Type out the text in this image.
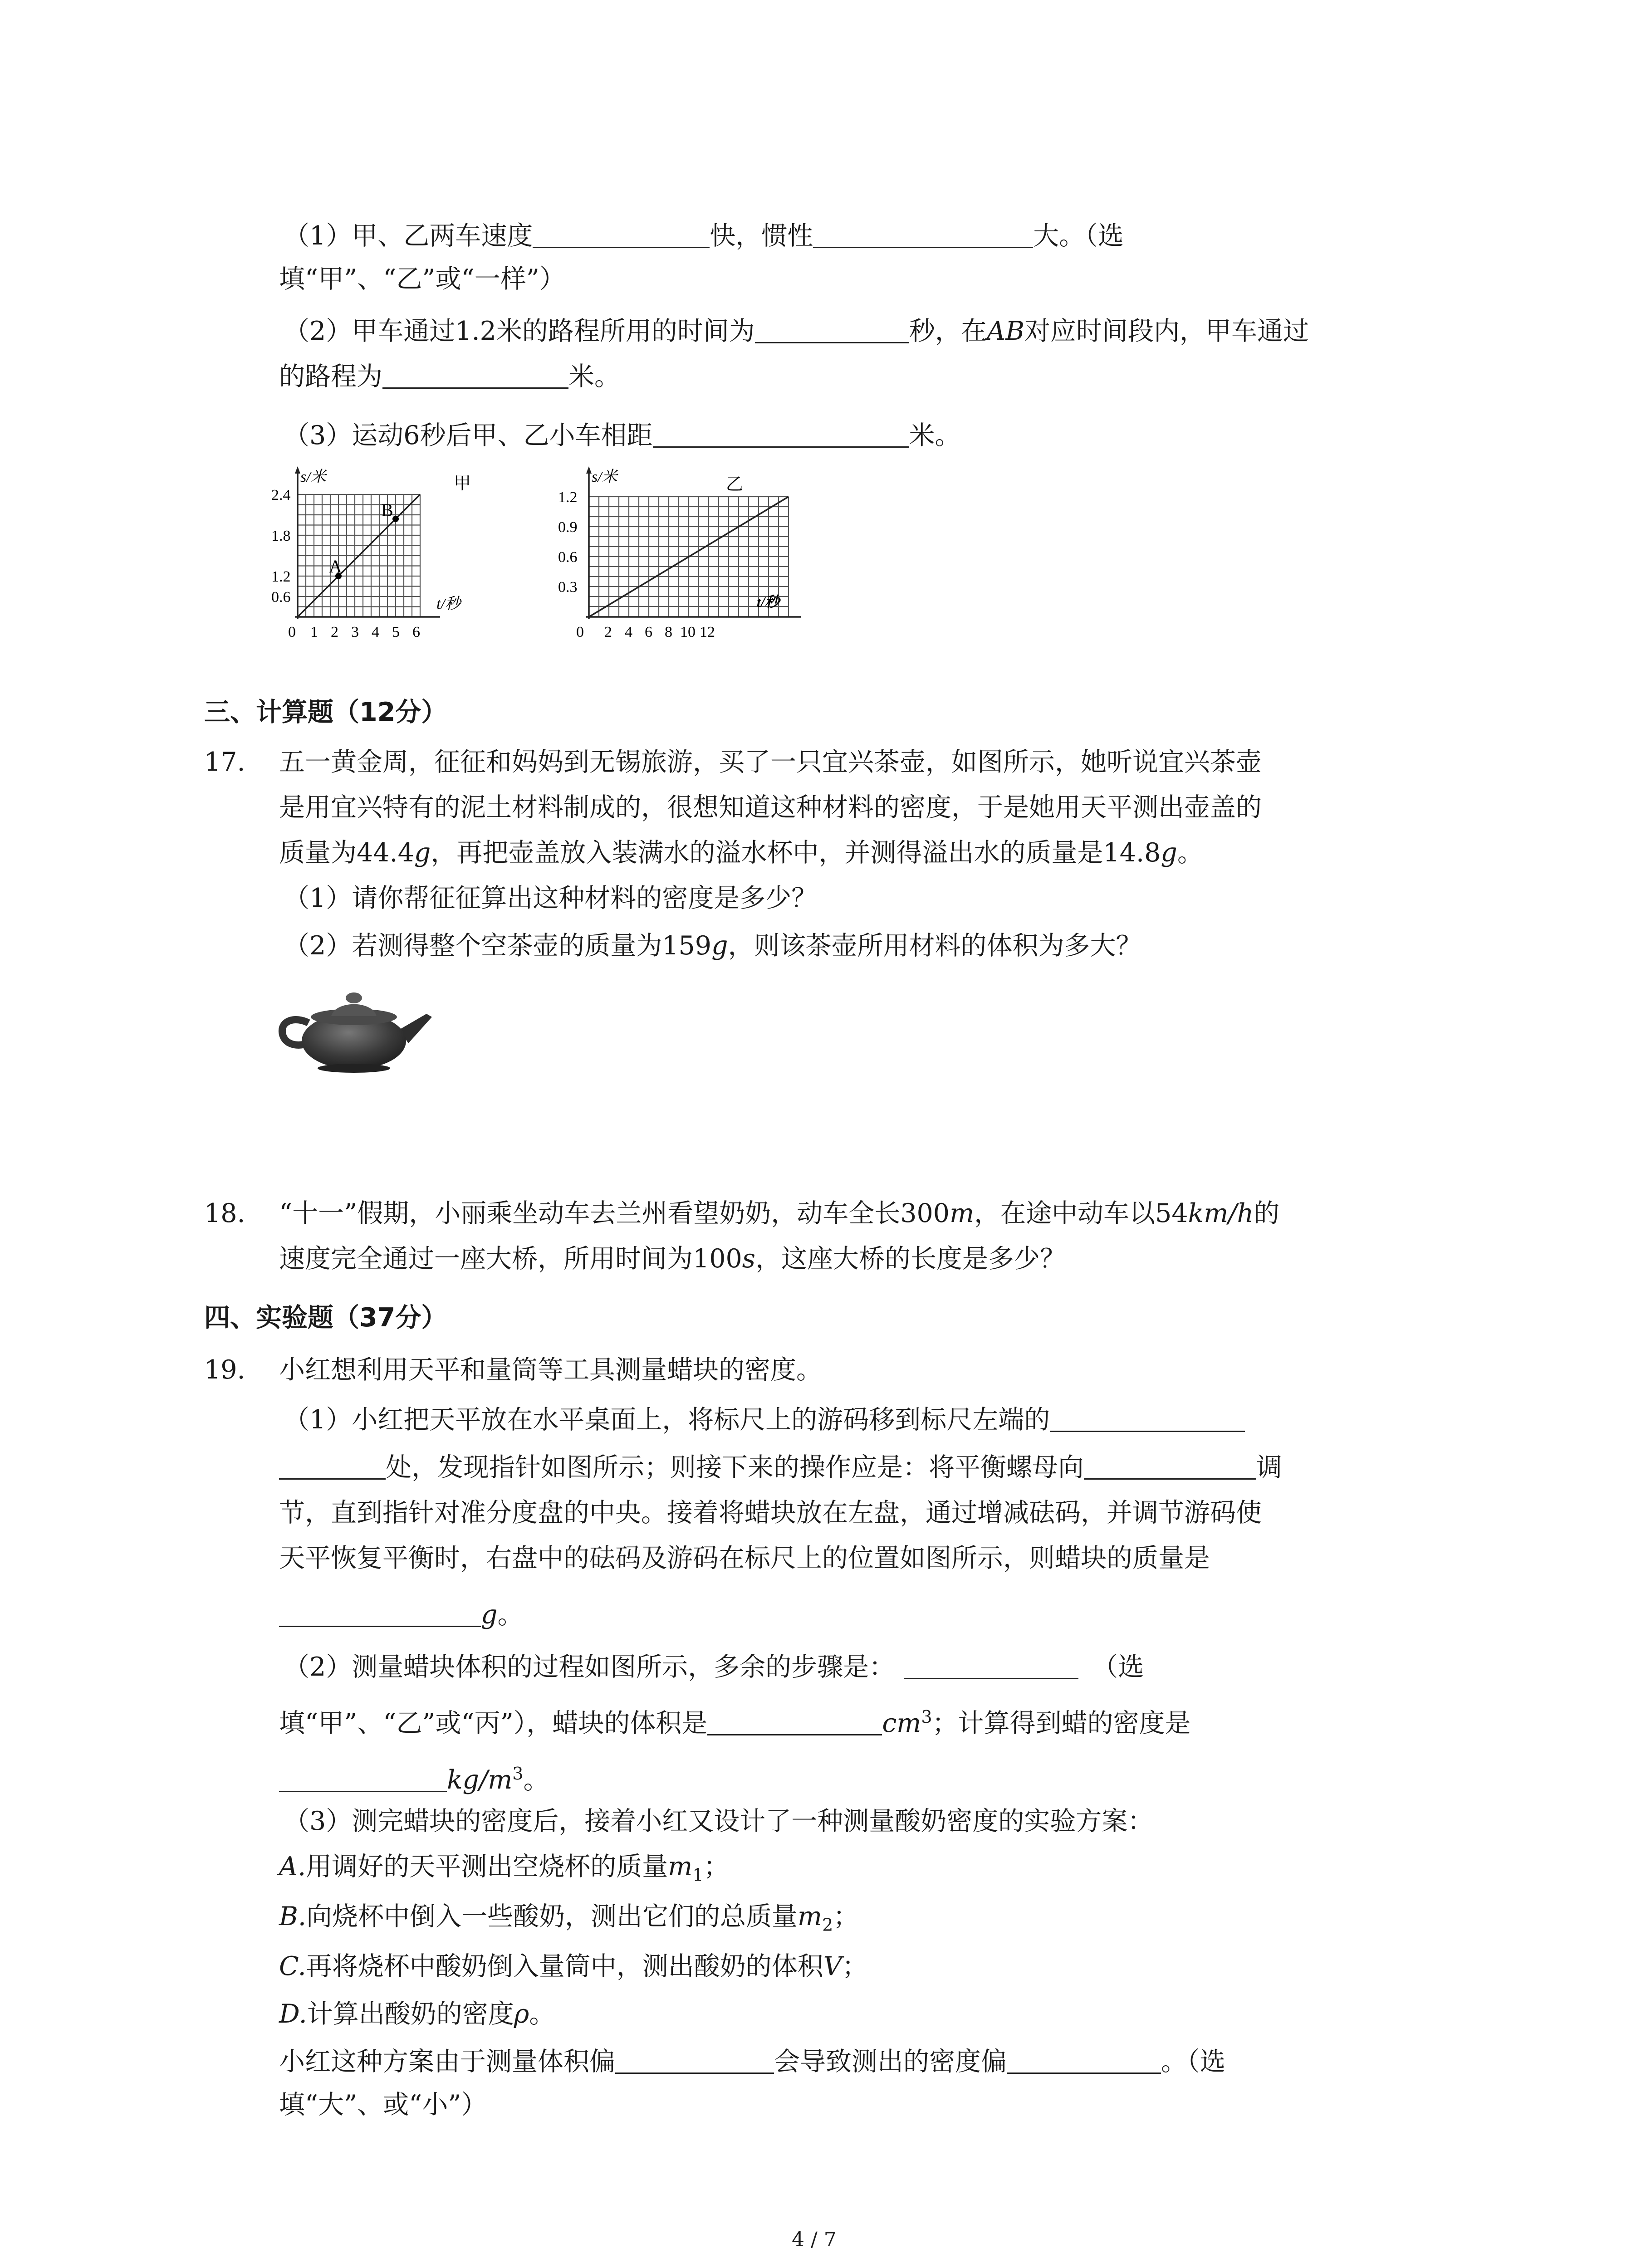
（1）甲、乙两车速度	快，惯性	大。（选
填“甲”、“乙”或“一样”）
（2）甲车通过1.2米的路程所用的时间为	秒，在AB对应时间段内，甲车通过
的路程为	米。
（3）运动6秒后甲、乙小车相距	米。
A
B
s/米	甲
t/秒
2.4
1.8
1.2
0.6
0 1 2 3 4 5 6
s/米	乙
t/秒
1.2
0.9
0.6
0.3
0 2 4 6 8 10 12
三、计算题（12分）
17. 五一黄金周，征征和妈妈到无锡旅游，买了一只宜兴茶壶，如图所示，她听说宜兴茶壶
是用宜兴特有的泥土材料制成的，很想知道这种材料的密度，于是她用天平测出壶盖的
质量为44.4g，再把壶盖放入装满水的溢水杯中，并测得溢出水的质量是14.8g。
（1）请你帮征征算出这种材料的密度是多少？
（2）若测得整个空茶壶的质量为159g，则该茶壶所用材料的体积为多大？
18. “十一”假期，小丽乘坐动车去兰州看望奶奶，动车全长300m，在途中动车以54km/h的
速度完全通过一座大桥，所用时间为100s，这座大桥的长度是多少？
四、实验题（37分）
19. 小红想利用天平和量筒等工具测量蜡块的密度。
（1）小红把天平放在水平桌面上，将标尺上的游码移到标尺左端的
处，发现指针如图所示；则接下来的操作应是：将平衡螺母向	调
节，直到指针对准分度盘的中央。接着将蜡块放在左盘，通过增减砝码，并调节游码使
天平恢复平衡时，右盘中的砝码及游码在标尺上的位置如图所示，则蜡块的质量是
g。
（2）测量蜡块体积的过程如图所示，多余的步骤是：	（选
填“甲”、“乙”或“丙”），蜡块的体积是	$cm^3$；计算得到蜡的密度是
$kg/m^3$。
（3）测完蜡块的密度后，接着小红又设计了一种测量酸奶密度的实验方案：
A.用调好的天平测出空烧杯的质量$m_1$；
B.向烧杯中倒入一些酸奶，测出它们的总质量$m_2$；
C.再将烧杯中酸奶倒入量筒中，测出酸奶的体积V；
D.计算出酸奶的密度ρ。
小红这种方案由于测量体积偏	会导致测出的密度偏	。（选
填“大”、或“小”）
4 / 7
